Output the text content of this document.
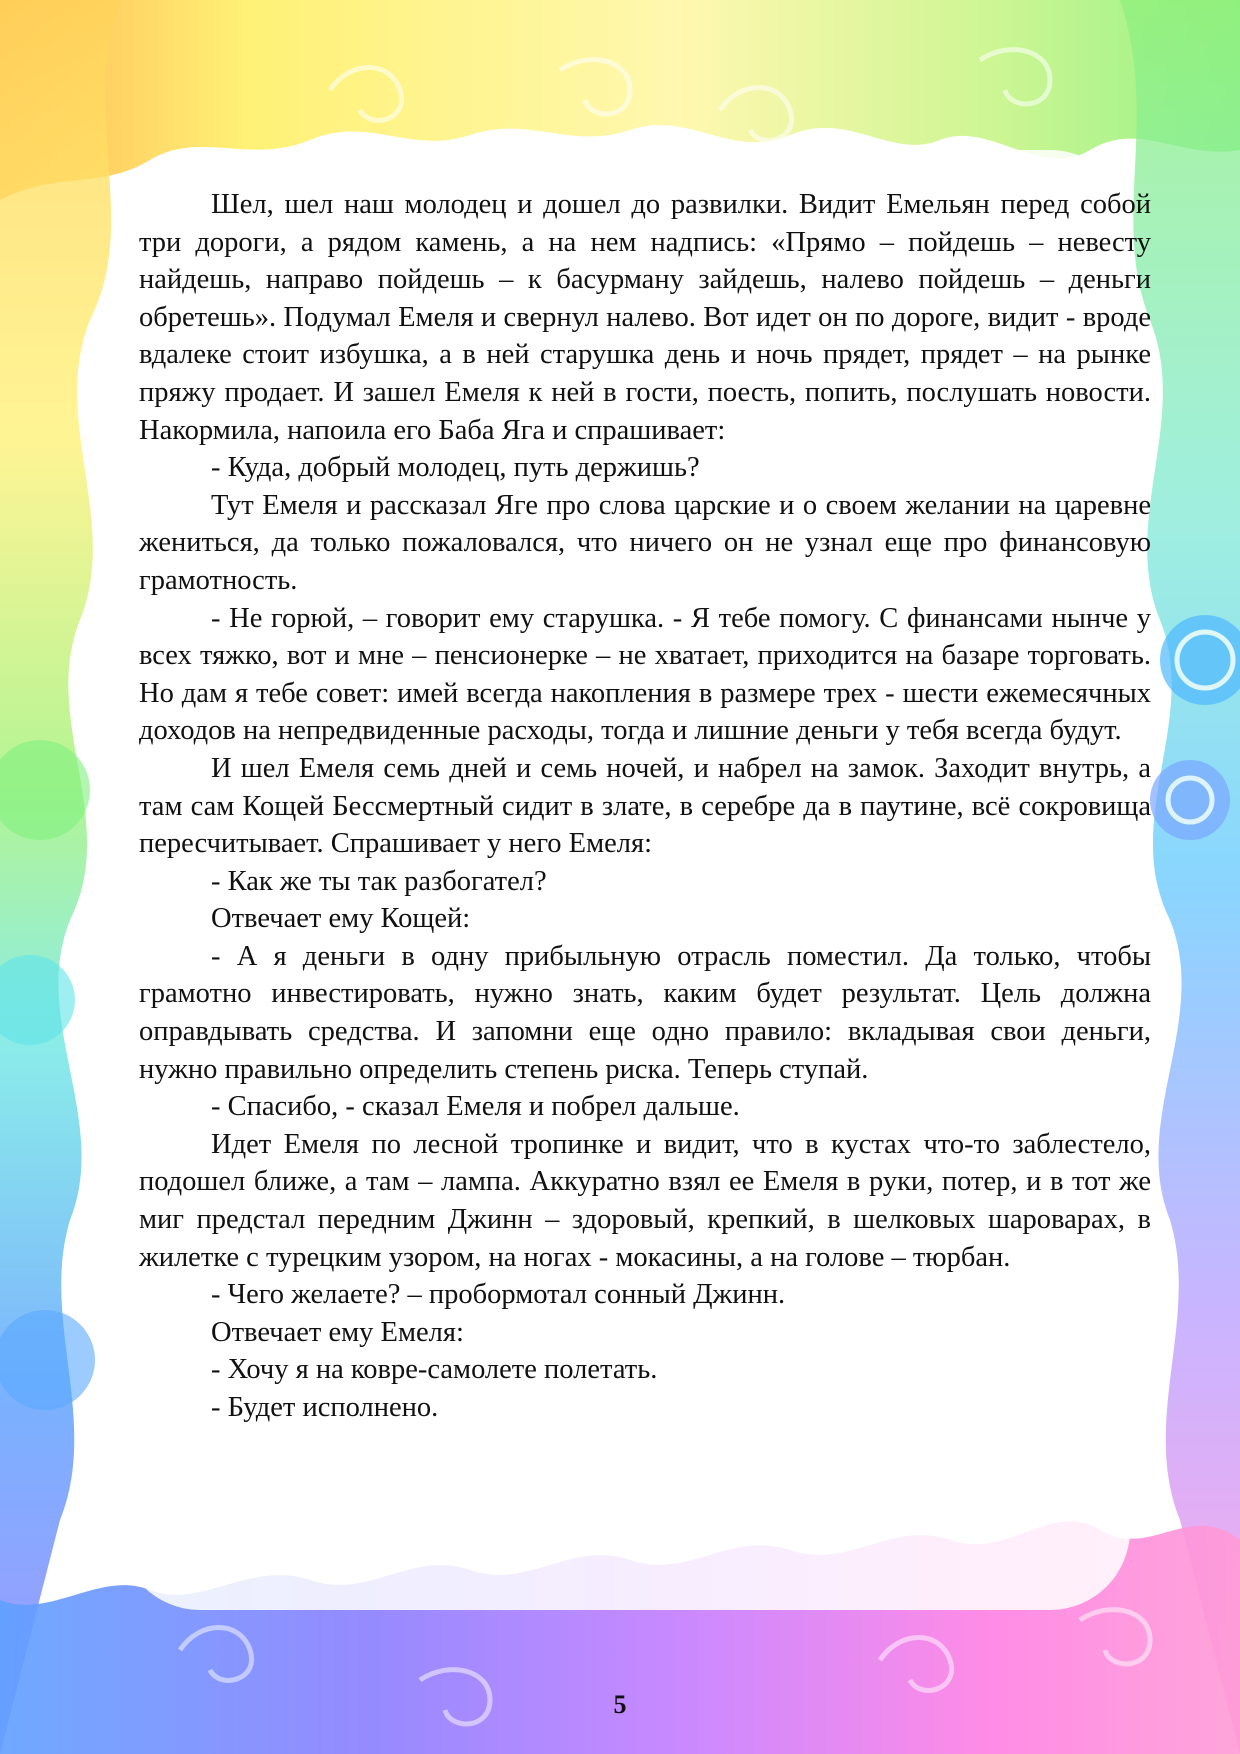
Шел, шел наш молодец и дошел до развилки. Видит Емельян перед собой три дороги, а рядом камень, а на нем надпись: «Прямо – пойдешь – невесту найдешь, направо пойдешь – к басурману зайдешь, налево пойдешь – деньги обретешь». Подумал Емеля и свернул налево. Вот идет он по дороге, видит - вроде вдалеке стоит избушка, а в ней старушка день и ночь прядет, прядет – на рынке пряжу продает. И зашел Емеля к ней в гости, поесть, попить, послушать новости. Накормила, напоила его Баба Яга и спрашивает:

- Куда, добрый молодец, путь держишь?

Тут Емеля и рассказал Яге про слова царские и о своем желании на царевне жениться, да только пожаловался, что ничего он не узнал еще про финансовую грамотность.

- Не горюй, – говорит ему старушка. - Я тебе помогу. С финансами нынче у всех тяжко, вот и мне – пенсионерке – не хватает, приходится на базаре торговать. Но дам я тебе совет: имей всегда накопления в размере трех - шести ежемесячных доходов на непредвиденные расходы, тогда и лишние деньги у тебя всегда будут.

И шел Емеля семь дней и семь ночей, и набрел на замок. Заходит внутрь, а там сам Кощей Бессмертный сидит в злате, в серебре да в паутине, всё сокровища пересчитывает. Спрашивает у него Емеля:

- Как же ты так разбогател?

Отвечает ему Кощей:

- А я деньги в одну прибыльную отрасль поместил. Да только, чтобы грамотно инвестировать, нужно знать, каким будет результат. Цель должна оправдывать средства. И запомни еще одно правило: вкладывая свои деньги, нужно правильно определить степень риска. Теперь ступай.

- Спасибо, - сказал Емеля и побрел дальше.

Идет Емеля по лесной тропинке и видит, что в кустах что-то заблестело, подошел ближе, а там – лампа. Аккуратно взял ее Емеля в руки, потер, и в тот же миг предстал передним Джинн – здоровый, крепкий, в шелковых шароварах, в жилетке с турецким узором, на ногах - мокасины, а на голове – тюрбан.

- Чего желаете? – пробормотал сонный Джинн.

Отвечает ему Емеля:

- Хочу я на ковре-самолете полетать.

- Будет исполнено.

5
